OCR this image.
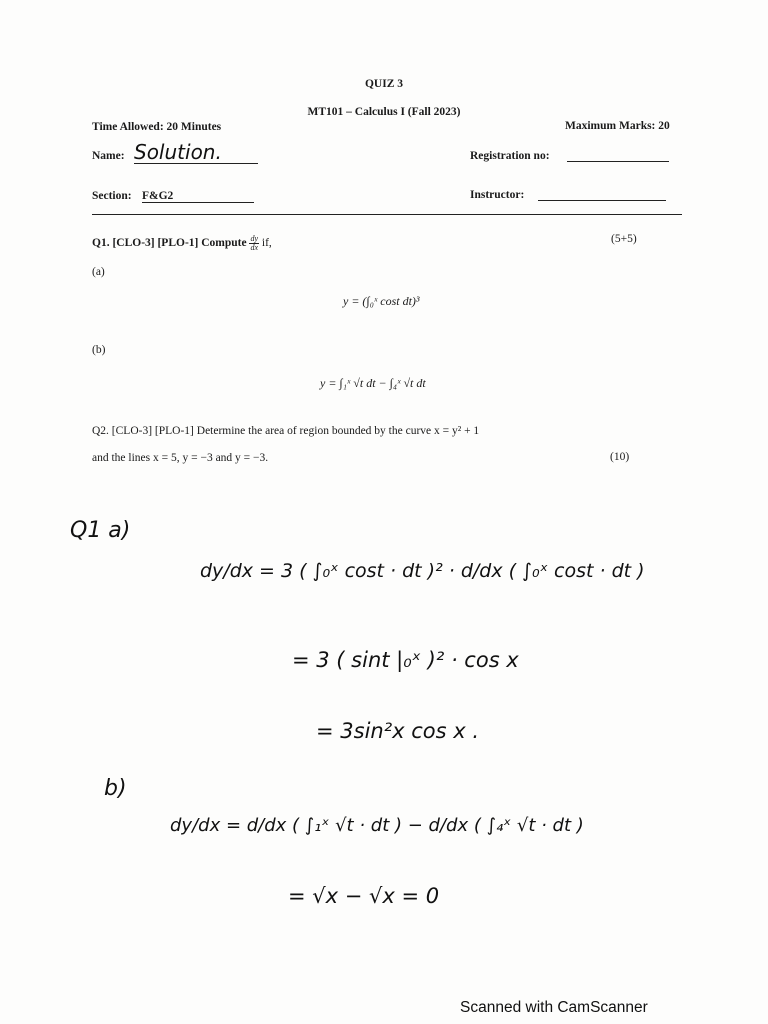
QUIZ 3
MT101 – Calculus I (Fall 2023)
Time Allowed: 20 Minutes	Maximum Marks: 20
Name: Solution.	Registration no:
Section: F&G2	Instructor:
Q1. [CLO-3] [PLO-1] Compute $\frac{dy}{dx}$ if,	(5+5)
(a)
y = (∫₀ˣ cost dt)³
(b)
y = ∫₁ˣ √t dt − ∫₄ˣ √t dt
Q2. [CLO-3] [PLO-1] Determine the area of region bounded by the curve x = y² + 1
and the lines x = 5, y = −3 and y = −3.	(10)
Q1 a)
dy/dx = 3 ( ∫₀ˣ cost · dt )² · d/dx ( ∫₀ˣ cost · dt )
= 3 ( sint |₀ˣ )² · cos x
= 3sin²x cos x .
b)
dy/dx = d/dx ( ∫₁ˣ √t · dt ) − d/dx ( ∫₄ˣ √t · dt )
= √x − √x = 0
Scanned with CamScanner
